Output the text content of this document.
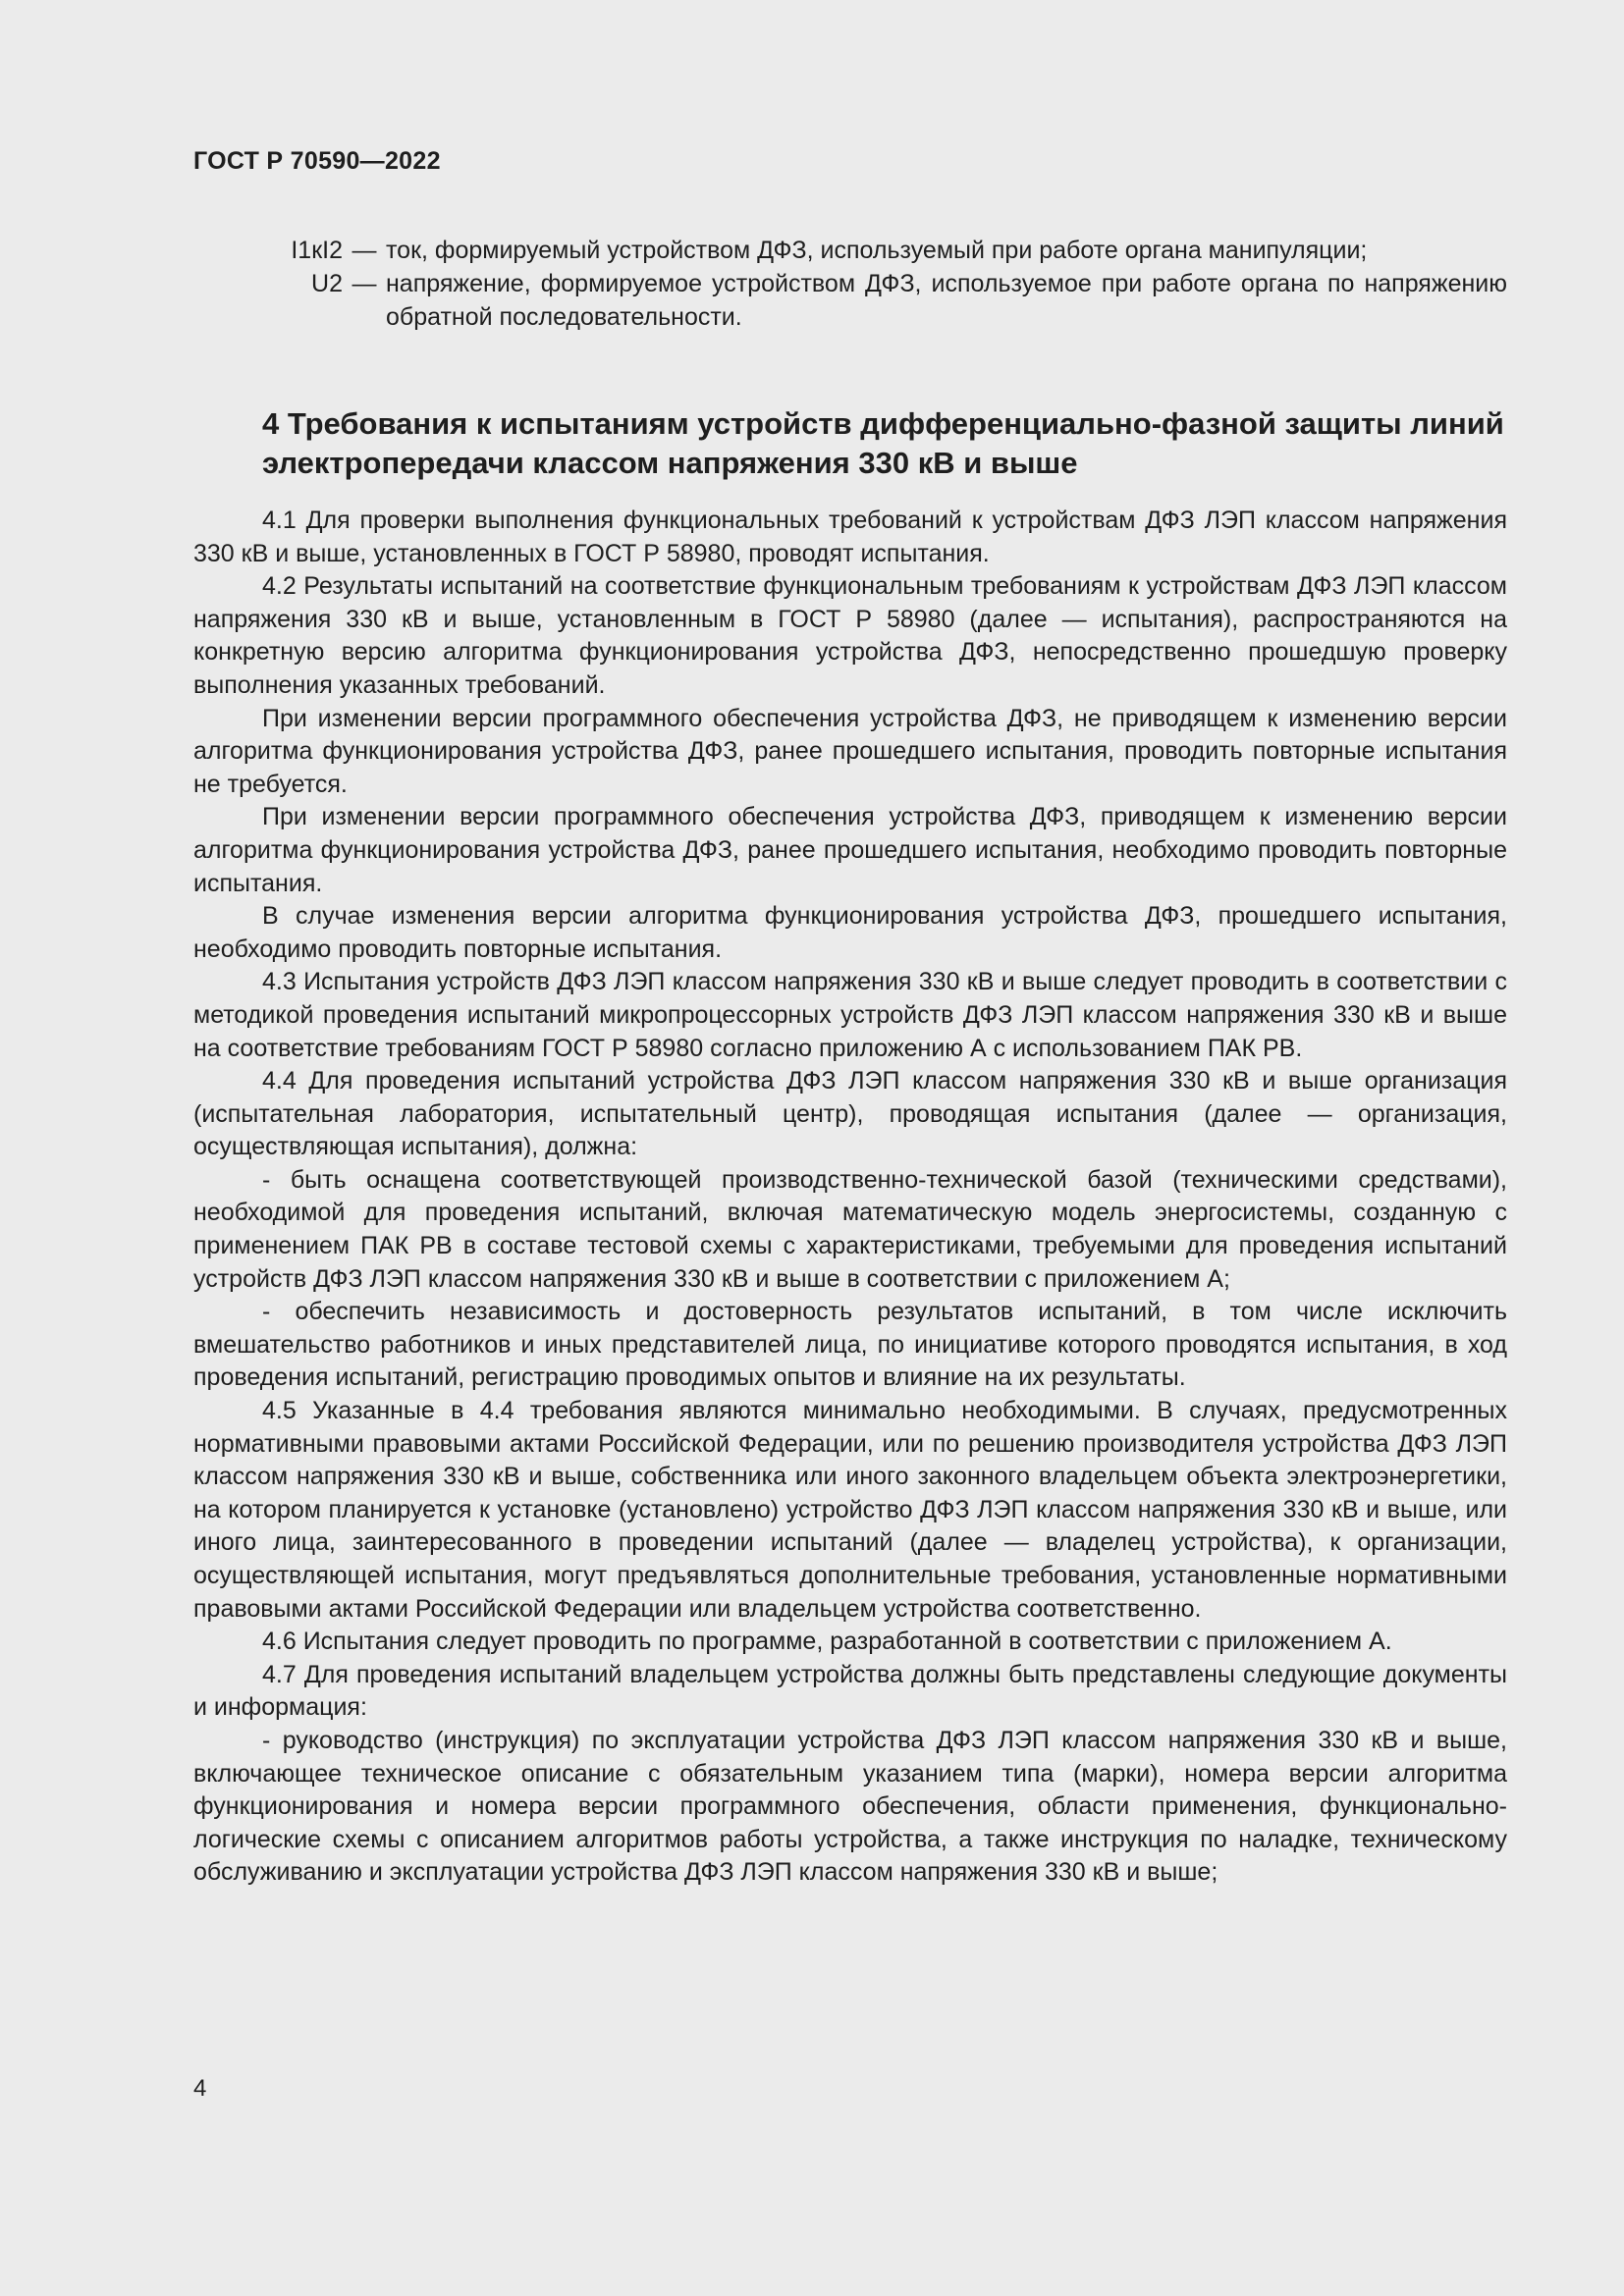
ГОСТ Р 70590—2022
I1кI2 — ток, формируемый устройством ДФЗ, используемый при работе органа манипуляции;
U2 — напряжение, формируемое устройством ДФЗ, используемое при работе органа по напряжению обратной последовательности.
4 Требования к испытаниям устройств дифференциально-фазной защиты линий электропередачи классом напряжения 330 кВ и выше

4.1 Для проверки выполнения функциональных требований к устройствам ДФЗ ЛЭП классом напряжения 330 кВ и выше, установленных в ГОСТ Р 58980, проводят испытания.

4.2 Результаты испытаний на соответствие функциональным требованиям к устройствам ДФЗ ЛЭП классом напряжения 330 кВ и выше, установленным в ГОСТ Р 58980 (далее — испытания), распространяются на конкретную версию алгоритма функционирования устройства ДФЗ, непосредственно прошедшую проверку выполнения указанных требований.

При изменении версии программного обеспечения устройства ДФЗ, не приводящем к изменению версии алгоритма функционирования устройства ДФЗ, ранее прошедшего испытания, проводить повторные испытания не требуется.

При изменении версии программного обеспечения устройства ДФЗ, приводящем к изменению версии алгоритма функционирования устройства ДФЗ, ранее прошедшего испытания, необходимо проводить повторные испытания.

В случае изменения версии алгоритма функционирования устройства ДФЗ, прошедшего испытания, необходимо проводить повторные испытания.

4.3 Испытания устройств ДФЗ ЛЭП классом напряжения 330 кВ и выше следует проводить в соответствии с методикой проведения испытаний микропроцессорных устройств ДФЗ ЛЭП классом напряжения 330 кВ и выше на соответствие требованиям ГОСТ Р 58980 согласно приложению А с использованием ПАК РВ.

4.4 Для проведения испытаний устройства ДФЗ ЛЭП классом напряжения 330 кВ и выше организация (испытательная лаборатория, испытательный центр), проводящая испытания (далее — организация, осуществляющая испытания), должна:

- быть оснащена соответствующей производственно-технической базой (техническими средствами), необходимой для проведения испытаний, включая математическую модель энергосистемы, созданную с применением ПАК РВ в составе тестовой схемы с характеристиками, требуемыми для проведения испытаний устройств ДФЗ ЛЭП классом напряжения 330 кВ и выше в соответствии с приложением А;

- обеспечить независимость и достоверность результатов испытаний, в том числе исключить вмешательство работников и иных представителей лица, по инициативе которого проводятся испытания, в ход проведения испытаний, регистрацию проводимых опытов и влияние на их результаты.

4.5 Указанные в 4.4 требования являются минимально необходимыми. В случаях, предусмотренных нормативными правовыми актами Российской Федерации, или по решению производителя устройства ДФЗ ЛЭП классом напряжения 330 кВ и выше, собственника или иного законного владельцем объекта электроэнергетики, на котором планируется к установке (установлено) устройство ДФЗ ЛЭП классом напряжения 330 кВ и выше, или иного лица, заинтересованного в проведении испытаний (далее — владелец устройства), к организации, осуществляющей испытания, могут предъявляться дополнительные требования, установленные нормативными правовыми актами Российской Федерации или владельцем устройства соответственно.

4.6 Испытания следует проводить по программе, разработанной в соответствии с приложением А.

4.7 Для проведения испытаний владельцем устройства должны быть представлены следующие документы и информация:

- руководство (инструкция) по эксплуатации устройства ДФЗ ЛЭП классом напряжения 330 кВ и выше, включающее техническое описание с обязательным указанием типа (марки), номера версии алгоритма функционирования и номера версии программного обеспечения, области применения, функционально-логические схемы с описанием алгоритмов работы устройства, а также инструкция по наладке, техническому обслуживанию и эксплуатации устройства ДФЗ ЛЭП классом напряжения 330 кВ и выше;

4
